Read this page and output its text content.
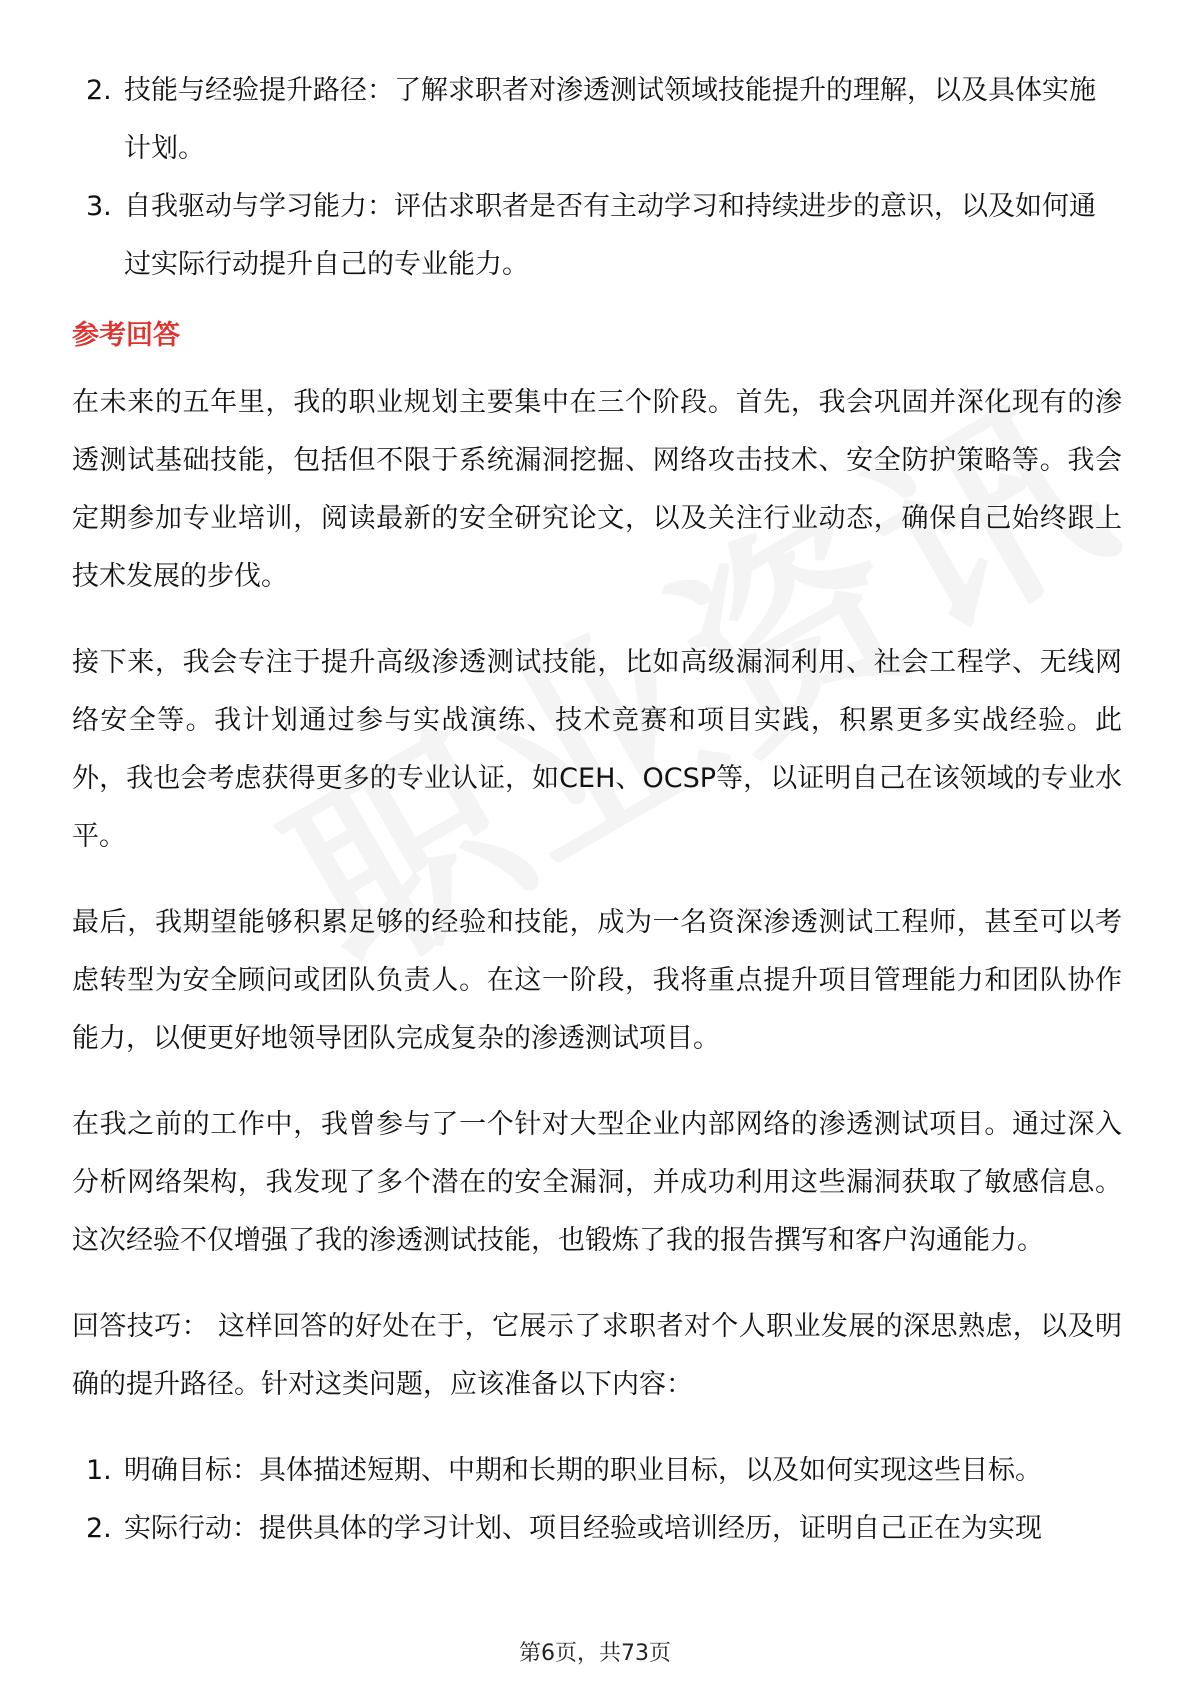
2. 技能与经验提升路径：了解求职者对渗透测试领域技能提升的理解，以及具体实施计划。
3. 自我驱动与学习能力：评估求职者是否有主动学习和持续进步的意识，以及如何通过实际行动提升自己的专业能力。
参考回答

在未来的五年里，我的职业规划主要集中在三个阶段。首先，我会巩固并深化现有的渗透测试基础技能，包括但不限于系统漏洞挖掘、网络攻击技术、安全防护策略等。我会定期参加专业培训，阅读最新的安全研究论文，以及关注行业动态，确保自己始终跟上技术发展的步伐。

接下来，我会专注于提升高级渗透测试技能，比如高级漏洞利用、社会工程学、无线网络安全等。我计划通过参与实战演练、技术竞赛和项目实践，积累更多实战经验。此外，我也会考虑获得更多的专业认证，如CEH、OCSP等，以证明自己在该领域的专业水平。

最后，我期望能够积累足够的经验和技能，成为一名资深渗透测试工程师，甚至可以考虑转型为安全顾问或团队负责人。在这一阶段，我将重点提升项目管理能力和团队协作能力，以便更好地领导团队完成复杂的渗透测试项目。

在我之前的工作中，我曾参与了一个针对大型企业内部网络的渗透测试项目。通过深入分析网络架构，我发现了多个潜在的安全漏洞，并成功利用这些漏洞获取了敏感信息。这次经验不仅增强了我的渗透测试技能，也锻炼了我的报告撰写和客户沟通能力。

回答技巧： 这样回答的好处在于，它展示了求职者对个人职业发展的深思熟虑，以及明确的提升路径。针对这类问题，应该准备以下内容：

1. 明确目标：具体描述短期、中期和长期的职业目标，以及如何实现这些目标。
2. 实际行动：提供具体的学习计划、项目经验或培训经历，证明自己正在为实现
第6页，共73页
